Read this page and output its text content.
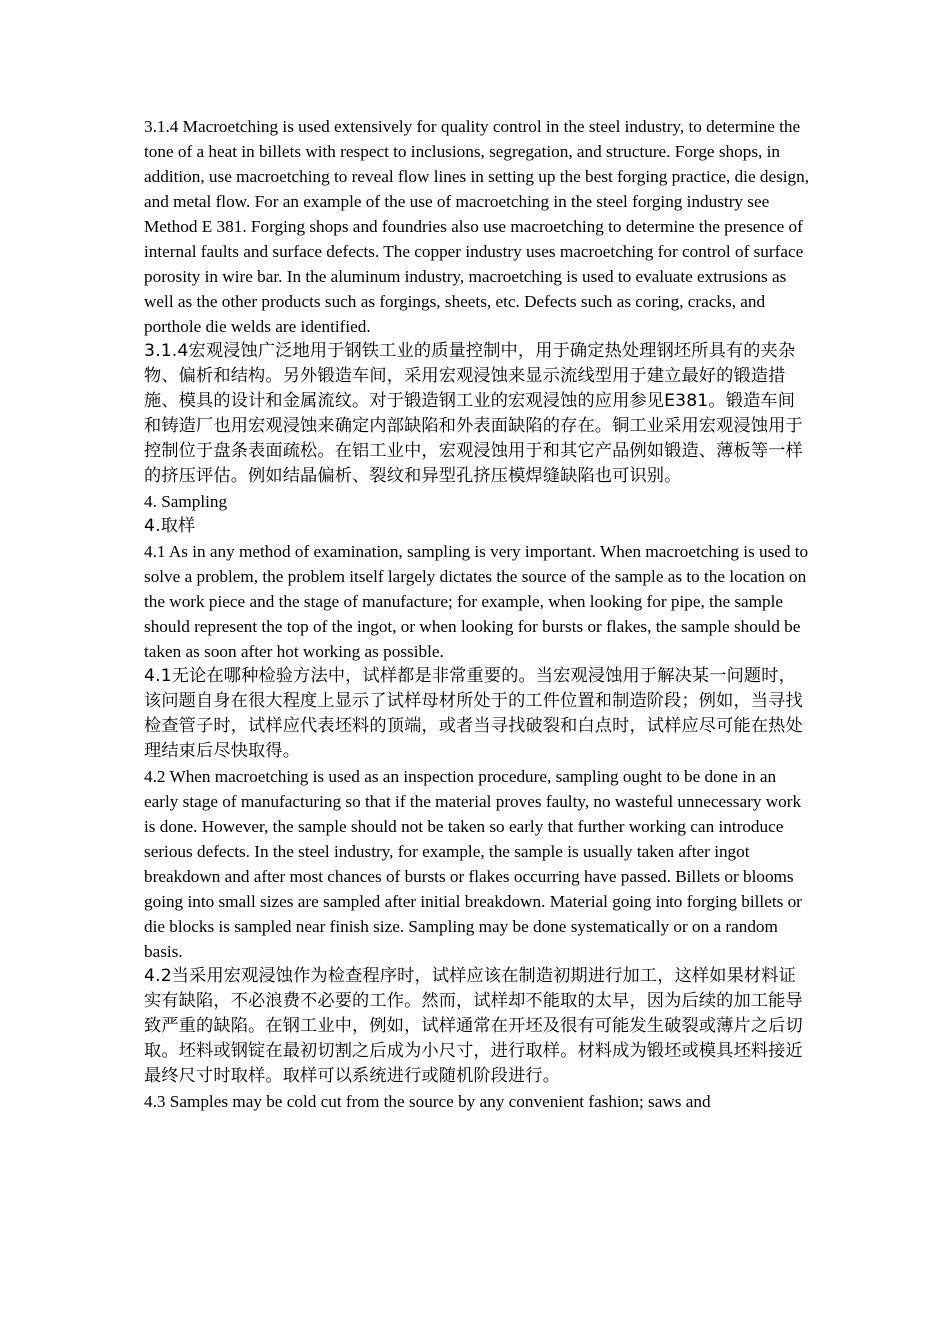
3.1.4 Macroetching is used extensively for quality control in the steel industry, to determine the tone of a heat in billets with respect to inclusions, segregation, and structure. Forge shops, in addition, use macroetching to reveal flow lines in setting up the best forging practice, die design, and metal flow. For an example of the use of macroetching in the steel forging industry see Method E 381. Forging shops and foundries also use macroetching to determine the presence of internal faults and surface defects. The copper industry uses macroetching for control of surface porosity in wire bar. In the aluminum industry, macroetching is used to evaluate extrusions as well as the other products such as forgings, sheets, etc. Defects such as coring, cracks, and porthole die welds are identified.

3.1.4宏观浸蚀广泛地用于钢铁工业的质量控制中，用于确定热处理钢坯所具有的夹杂物、偏析和结构。另外锻造车间，采用宏观浸蚀来显示流线型用于建立最好的锻造措施、模具的设计和金属流纹。对于锻造钢工业的宏观浸蚀的应用参见E381。锻造车间和铸造厂也用宏观浸蚀来确定内部缺陷和外表面缺陷的存在。铜工业采用宏观浸蚀用于控制位于盘条表面疏松。在铝工业中，宏观浸蚀用于和其它产品例如锻造、薄板等一样的挤压评估。例如结晶偏析、裂纹和异型孔挤压模焊缝缺陷也可识别。

4. Sampling

4.取样

4.1 As in any method of examination, sampling is very important. When macroetching is used to solve a problem, the problem itself largely dictates the source of the sample as to the location on the work piece and the stage of manufacture; for example, when looking for pipe, the sample should represent the top of the ingot, or when looking for bursts or flakes, the sample should be taken as soon after hot working as possible.

4.1无论在哪种检验方法中，试样都是非常重要的。当宏观浸蚀用于解决某一问题时，该问题自身在很大程度上显示了试样母材所处于的工件位置和制造阶段；例如，当寻找检查管子时，试样应代表坯料的顶端，或者当寻找破裂和白点时，试样应尽可能在热处理结束后尽快取得。

4.2 When macroetching is used as an inspection procedure, sampling ought to be done in an early stage of manufacturing so that if the material proves faulty, no wasteful unnecessary work is done. However, the sample should not be taken so early that further working can introduce serious defects. In the steel industry, for example, the sample is usually taken after ingot breakdown and after most chances of bursts or flakes occurring have passed. Billets or blooms going into small sizes are sampled after initial breakdown. Material going into forging billets or die blocks is sampled near finish size. Sampling may be done systematically or on a random basis.

4.2当采用宏观浸蚀作为检查程序时，试样应该在制造初期进行加工，这样如果材料证实有缺陷，不必浪费不必要的工作。然而，试样却不能取的太早，因为后续的加工能导致严重的缺陷。在钢工业中，例如，试样通常在开坯及很有可能发生破裂或薄片之后切取。坯料或钢锭在最初切割之后成为小尺寸，进行取样。材料成为锻坯或模具坯料接近最终尺寸时取样。取样可以系统进行或随机阶段进行。

4.3 Samples may be cold cut from the source by any convenient fashion; saws and
